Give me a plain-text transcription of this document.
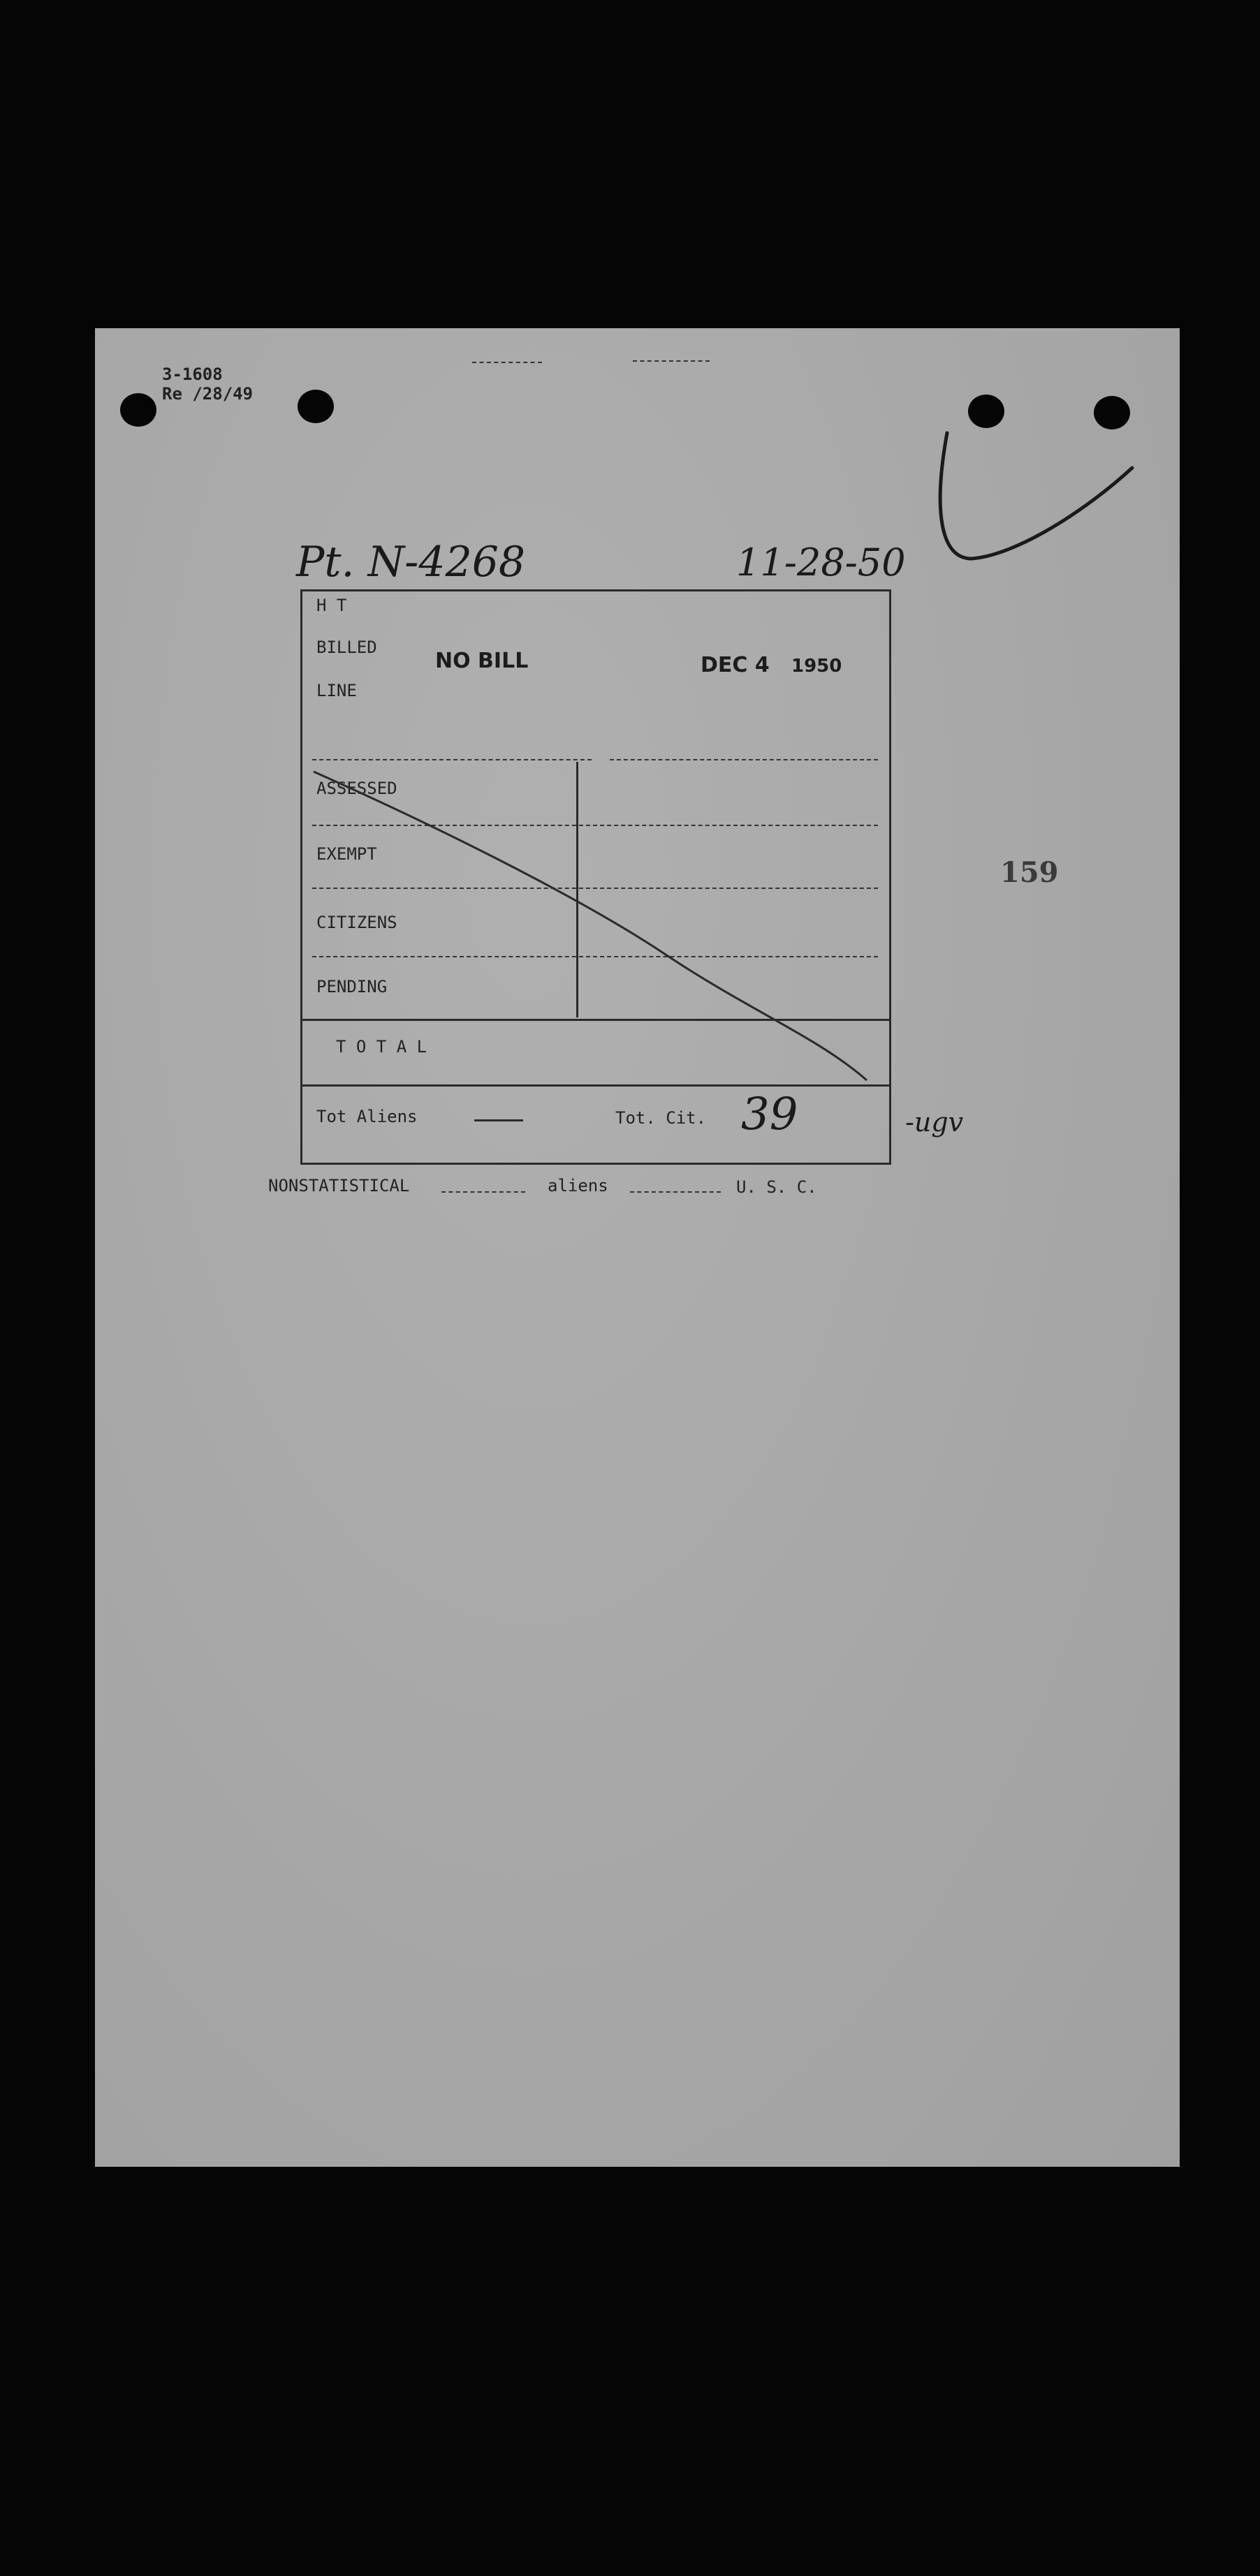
3-1608
Re /28/49
Pt. N-4268	11-28-50
H T
BILLED
LINE
NO BILL	DEC 4 1950
ASSESSED
EXEMPT
CITIZENS
PENDING
T O T A L
Tot Aliens	Tot. Cit. 39	-ugv
NONSTATISTICAL	aliens	U. S. C.
159
